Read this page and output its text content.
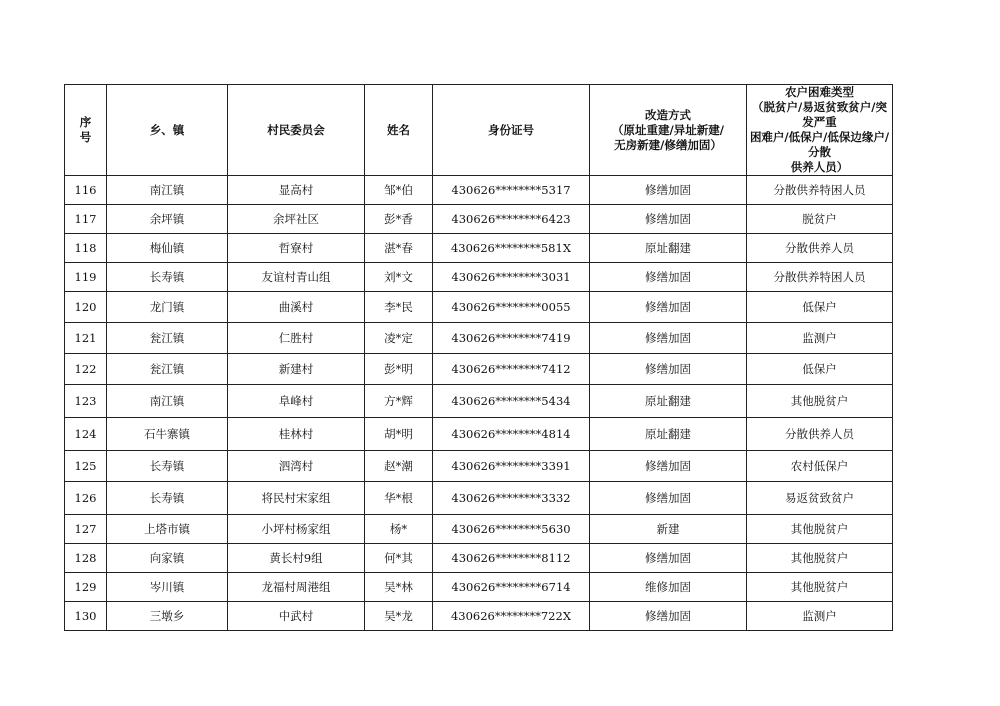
序
号	乡、镇	村民委员会	姓名	身份证号	改造方式
（原址重建/异址新建/
无房新建/修缮加固）	农户困难类型
（脱贫户/易返贫致贫户/突发严重
困难户/低保户/低保边缘户/分散
供养人员）
116	南江镇	显高村	邹*伯	430626********5317	修缮加固	分散供养特困人员
117	余坪镇	余坪社区	彭*香	430626********6423	修缮加固	脱贫户
118	梅仙镇	哲寮村	湛*春	430626********581X	原址翻建	分散供养人员
119	长寿镇	友谊村青山组	刘*文	430626********3031	修缮加固	分散供养特困人员
120	龙门镇	曲溪村	李*民	430626********0055	修缮加固	低保户
121	瓮江镇	仁胜村	凌*定	430626********7419	修缮加固	监测户
122	瓮江镇	新建村	彭*明	430626********7412	修缮加固	低保户
123	南江镇	阜峰村	方*辉	430626********5434	原址翻建	其他脱贫户
124	石牛寨镇	桂林村	胡*明	430626********4814	原址翻建	分散供养人员
125	长寿镇	泗湾村	赵*潮	430626********3391	修缮加固	农村低保户
126	长寿镇	将民村宋家组	华*根	430626********3332	修缮加固	易返贫致贫户
127	上塔市镇	小坪村杨家组	杨*	430626********5630	新建	其他脱贫户
128	向家镇	黄长村9组	何*其	430626********8112	修缮加固	其他脱贫户
129	岑川镇	龙福村周港组	吴*林	430626********6714	维修加固	其他脱贫户
130	三墩乡	中武村	吴*龙	430626********722X	修缮加固	监测户
